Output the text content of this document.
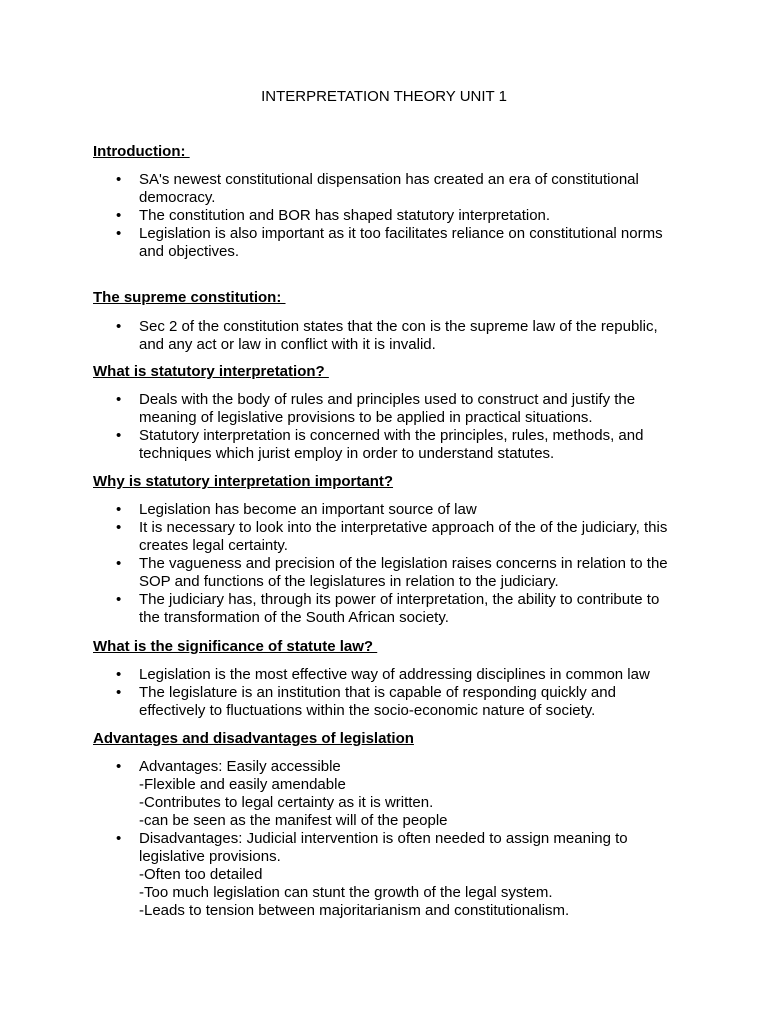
INTERPRETATION THEORY UNIT 1
Introduction:
• SA's newest constitutional dispensation has created an era of constitutional democracy.
• The constitution and BOR has shaped statutory interpretation.
• Legislation is also important as it too facilitates reliance on constitutional norms and objectives.
The supreme constitution:
• Sec 2 of the constitution states that the con is the supreme law of the republic, and any act or law in conflict with it is invalid.
What is statutory interpretation?
• Deals with the body of rules and principles used to construct and justify the meaning of legislative provisions to be applied in practical situations.
• Statutory interpretation is concerned with the principles, rules, methods, and techniques which jurist employ in order to understand statutes.
Why is statutory interpretation important?
• Legislation has become an important source of law
• It is necessary to look into the interpretative approach of the of the judiciary, this creates legal certainty.
• The vagueness and precision of the legislation raises concerns in relation to the SOP and functions of the legislatures in relation to the judiciary.
• The judiciary has, through its power of interpretation, the ability to contribute to the transformation of the South African society.
What is the significance of statute law?
• Legislation is the most effective way of addressing disciplines in common law
• The legislature is an institution that is capable of responding quickly and effectively to fluctuations within the socio-economic nature of society.
Advantages and disadvantages of legislation
• Advantages: Easily accessible
-Flexible and easily amendable
-Contributes to legal certainty as it is written.
-can be seen as the manifest will of the people
• Disadvantages: Judicial intervention is often needed to assign meaning to legislative provisions.
-Often too detailed
-Too much legislation can stunt the growth of the legal system.
-Leads to tension between majoritarianism and constitutionalism.
